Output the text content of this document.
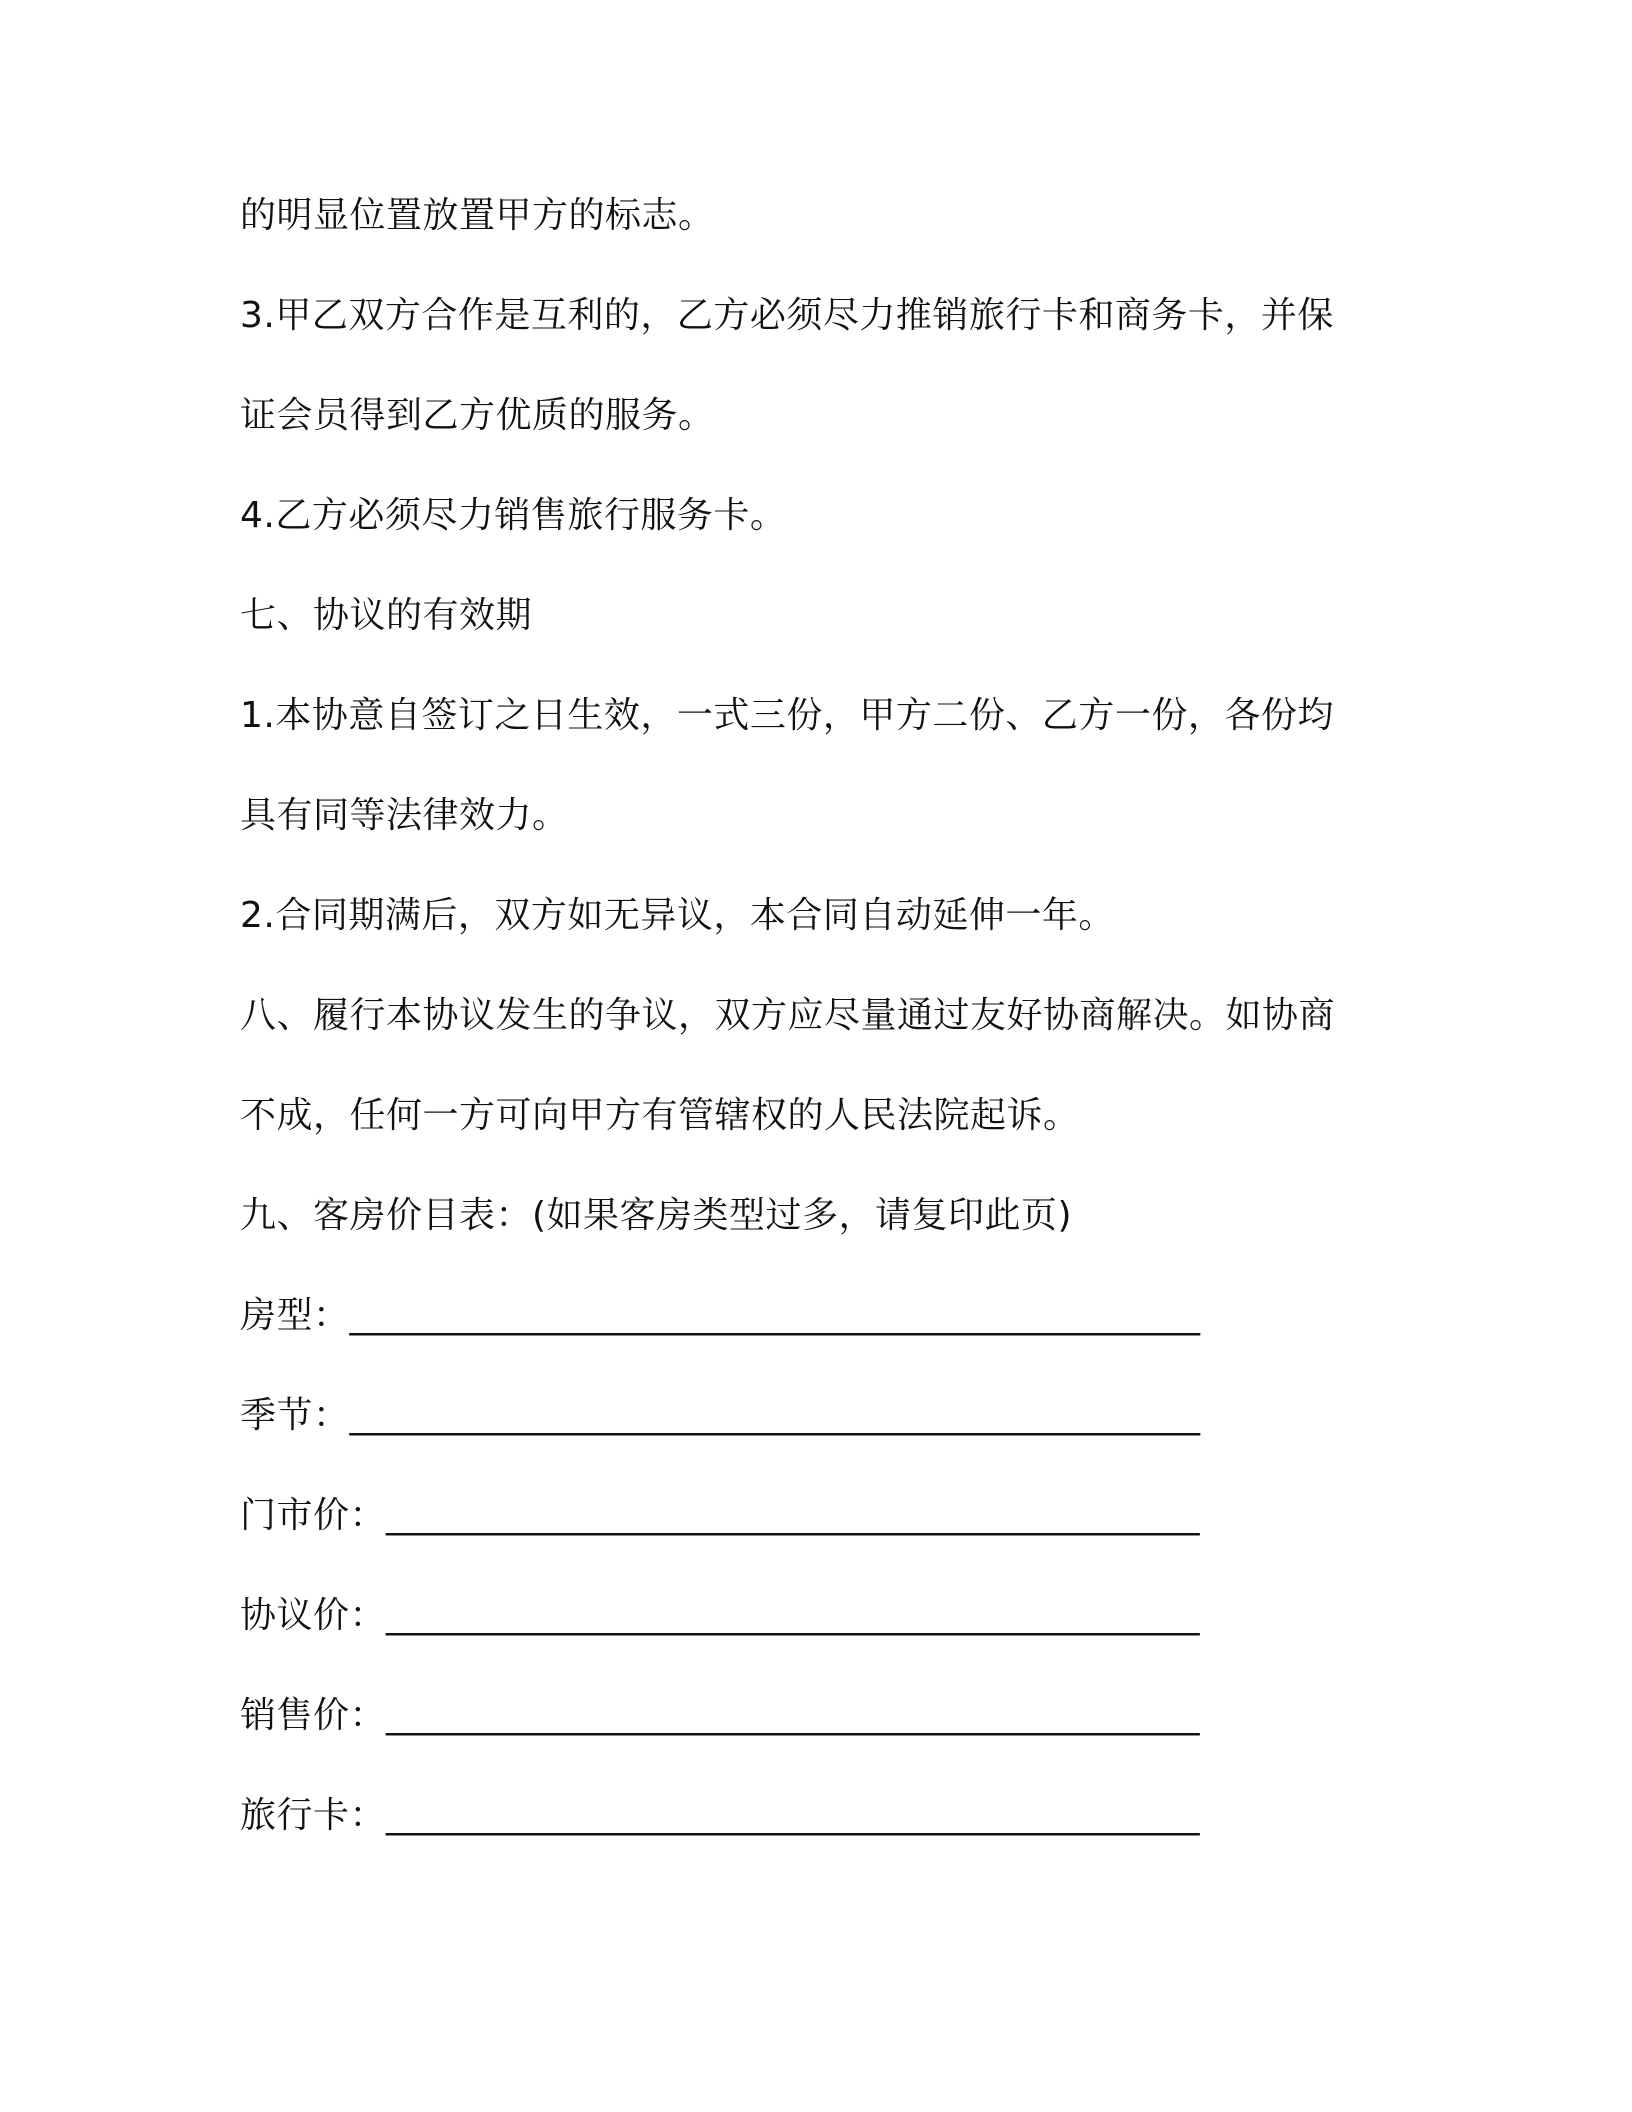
的明显位置放置甲方的标志。
3.甲乙双方合作是互利的，乙方必须尽力推销旅行卡和商务卡，并保
证会员得到乙方优质的服务。
4.乙方必须尽力销售旅行服务卡。
七、协议的有效期
1.本协意自签订之日生效，一式三份，甲方二份、乙方一份，各份均
具有同等法律效力。
2.合同期满后，双方如无异议，本合同自动延伸一年。
八、履行本协议发生的争议，双方应尽量通过友好协商解决。如协商
不成，任何一方可向甲方有管辖权的人民法院起诉。
九、客房价目表：(如果客房类型过多，请复印此页)
房型：______________________________________________
季节：______________________________________________
门市价：____________________________________________
协议价：____________________________________________
销售价：____________________________________________
旅行卡：____________________________________________
